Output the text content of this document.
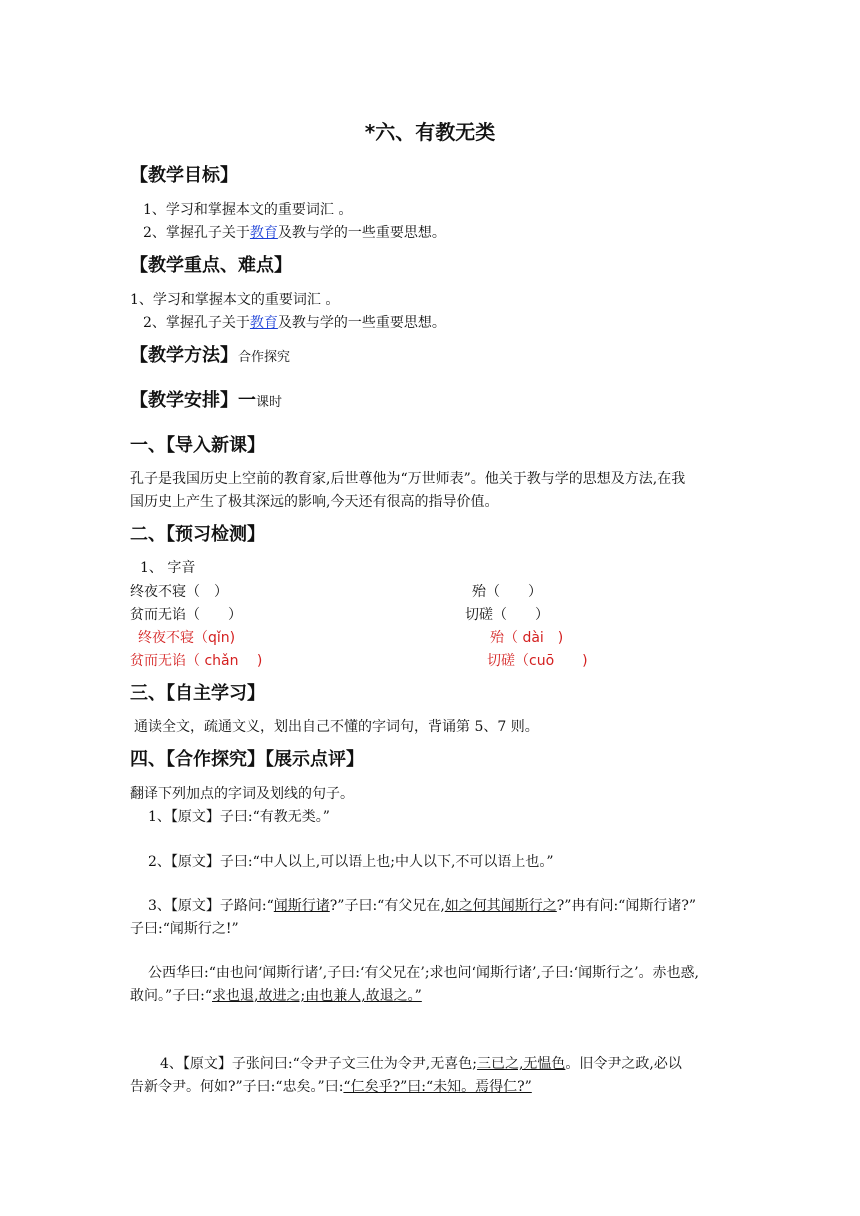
*六、有教无类
【教学目标】
1、学习和掌握本文的重要词汇 。
2、掌握孔子关于教育及教与学的一些重要思想。
【教学重点、难点】
1、学习和掌握本文的重要词汇 。
2、掌握孔子关于教育及教与学的一些重要思想。
【教学方法】合作探究
【教学安排】一课时
一、【导入新课】
孔子是我国历史上空前的教育家,后世尊他为“万世师表”。他关于教与学的思想及方法,在我
国历史上产生了极其深远的影响,今天还有很高的指导价值。
二、【预习检测】
1、 字音
终夜不寝（　）	殆（　　）
贫而无谄（　　）	切磋（　　）
终夜不寝（qǐn)	殆（ dài　)
贫而无谄（ chǎn　 )	切磋（cuō　　)
三、【自主学习】
通读全文，疏通文义，划出自己不懂的字词句，背诵第 5、7 则。
四、【合作探究】【展示点评】
翻译下列加点的字词及划线的句子。
1、【原文】子曰:“有教无类。”
2、【原文】子曰:“中人以上,可以语上也;中人以下,不可以语上也。”
3、【原文】子路问:“闻斯行诸?”子曰:“有父兄在,如之何其闻斯行之?”冉有问:“闻斯行诸?”
子曰:“闻斯行之!”
公西华曰:“由也问‘闻斯行诸’,子曰:‘有父兄在’;求也问‘闻斯行诸’,子曰:‘闻斯行之’。赤也惑,
敢问。”子曰:“求也退,故进之;由也兼人,故退之。”
4、【原文】子张问曰:“令尹子文三仕为令尹,无喜色;三已之,无愠色。旧令尹之政,必以
告新令尹。何如?”子曰:“忠矣。”曰:“仁矣乎?”曰:“未知。焉得仁?”
